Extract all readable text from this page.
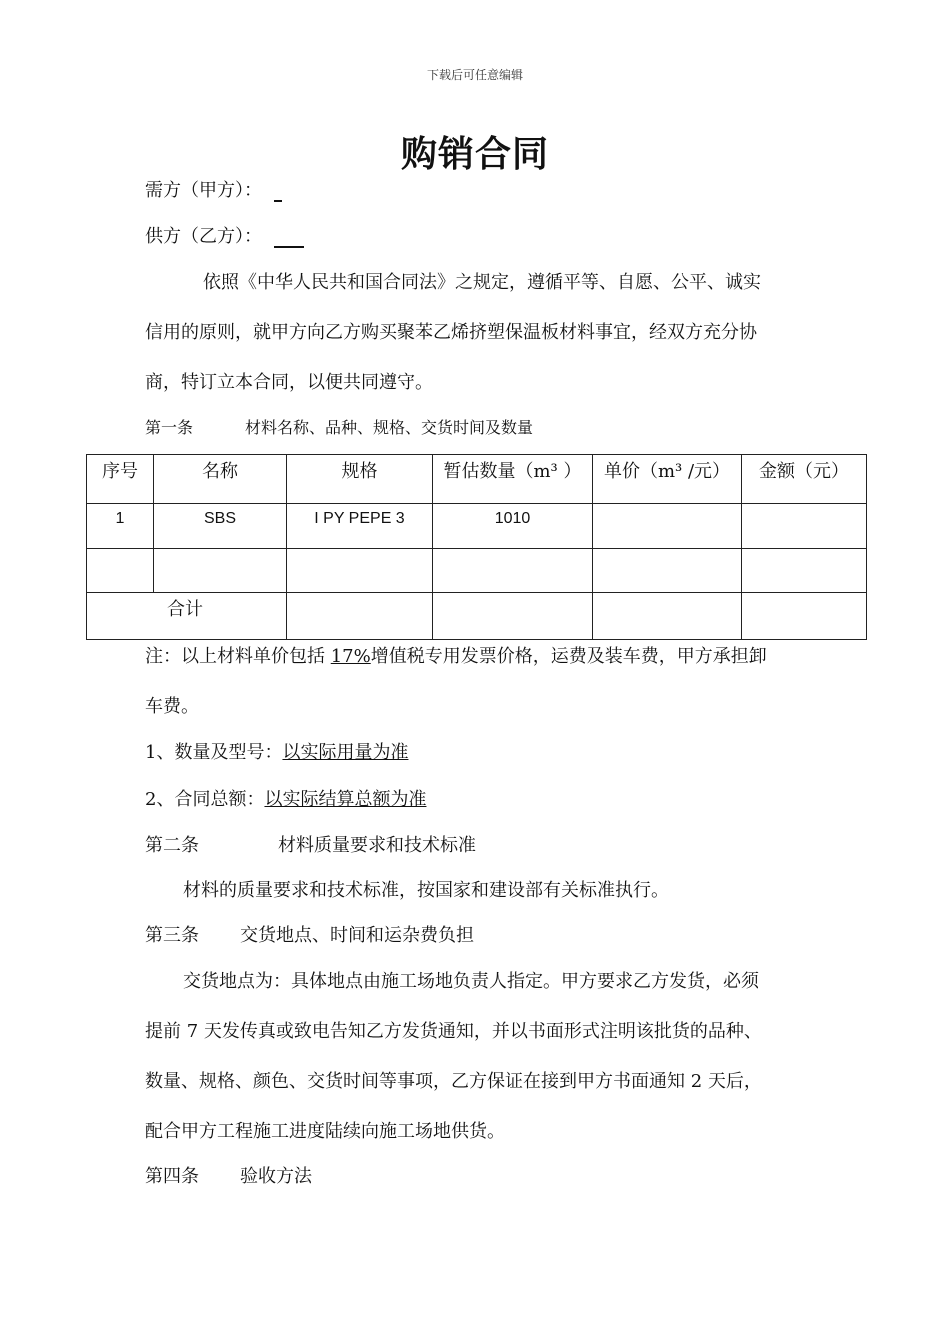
下载后可任意编辑
购销合同
需方（甲方）：
供方（乙方）：
依照《中华人民共和国合同法》之规定，遵循平等、自愿、公平、诚实
信用的原则，就甲方向乙方购买聚苯乙烯挤塑保温板材料事宜，经双方充分协
商，特订立本合同，以便共同遵守。
第一条	材料名称、品种、规格、交货时间及数量
序号	名称	规格	暂估数量（m³ ）	单价（m³ /元）	金额（元）
1	SBS	I PY PEPE 3	1010		

合计					
注：以上材料单价包括 17%增值税专用发票价格，运费及装车费，甲方承担卸
车费。
1、数量及型号：以实际用量为准
2、合同总额：以实际结算总额为准
第二条	材料质量要求和技术标准
材料的质量要求和技术标准，按国家和建设部有关标准执行。
第三条 交货地点、时间和运杂费负担
交货地点为：具体地点由施工场地负责人指定。甲方要求乙方发货，必须
提前 7 天发传真或致电告知乙方发货通知，并以书面形式注明该批货的品种、
数量、规格、颜色、交货时间等事项，乙方保证在接到甲方书面通知 2 天后，
配合甲方工程施工进度陆续向施工场地供货。
第四条 验收方法
